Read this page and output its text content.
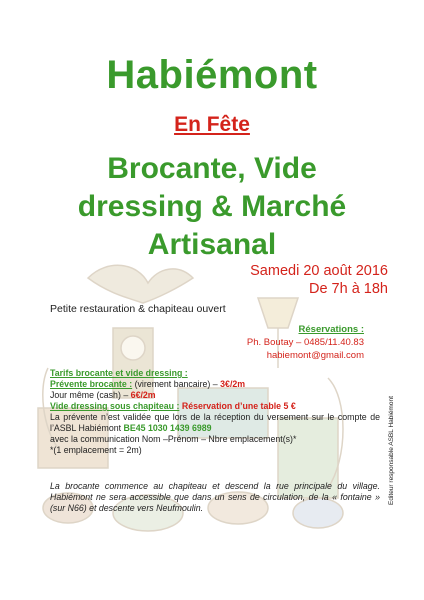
Habiémont
En Fête
Brocante, Vide
dressing & Marché
Artisanal
Samedi 20 août 2016
De 7h à 18h
Petite restauration & chapiteau ouvert
Réservations :
Ph. Boutay – 0485/11.40.83
habiemont@gmail.com
Tarifs brocante et vide dressing :
Prévente brocante : (virement bancaire) – 3€/2m
Jour même (cash) – 6€/2m
Vide dressing sous chapiteau : Réservation d’une table 5 €
La prévente n’est validée que lors de la réception du versement sur le compte de l’ASBL Habiémont BE45 1030 1439 6989
avec la communication Nom –Prénom – Nbre emplacement(s)*
*(1 emplacement = 2m)
La brocante commence au chapiteau et descend la rue principale du village. Habiémont ne sera accessible que dans un sens de circulation, de la « fontaine » (sur N66) et descente vers Neufmoulin.
Editeur responsable ASBL Habiémont
